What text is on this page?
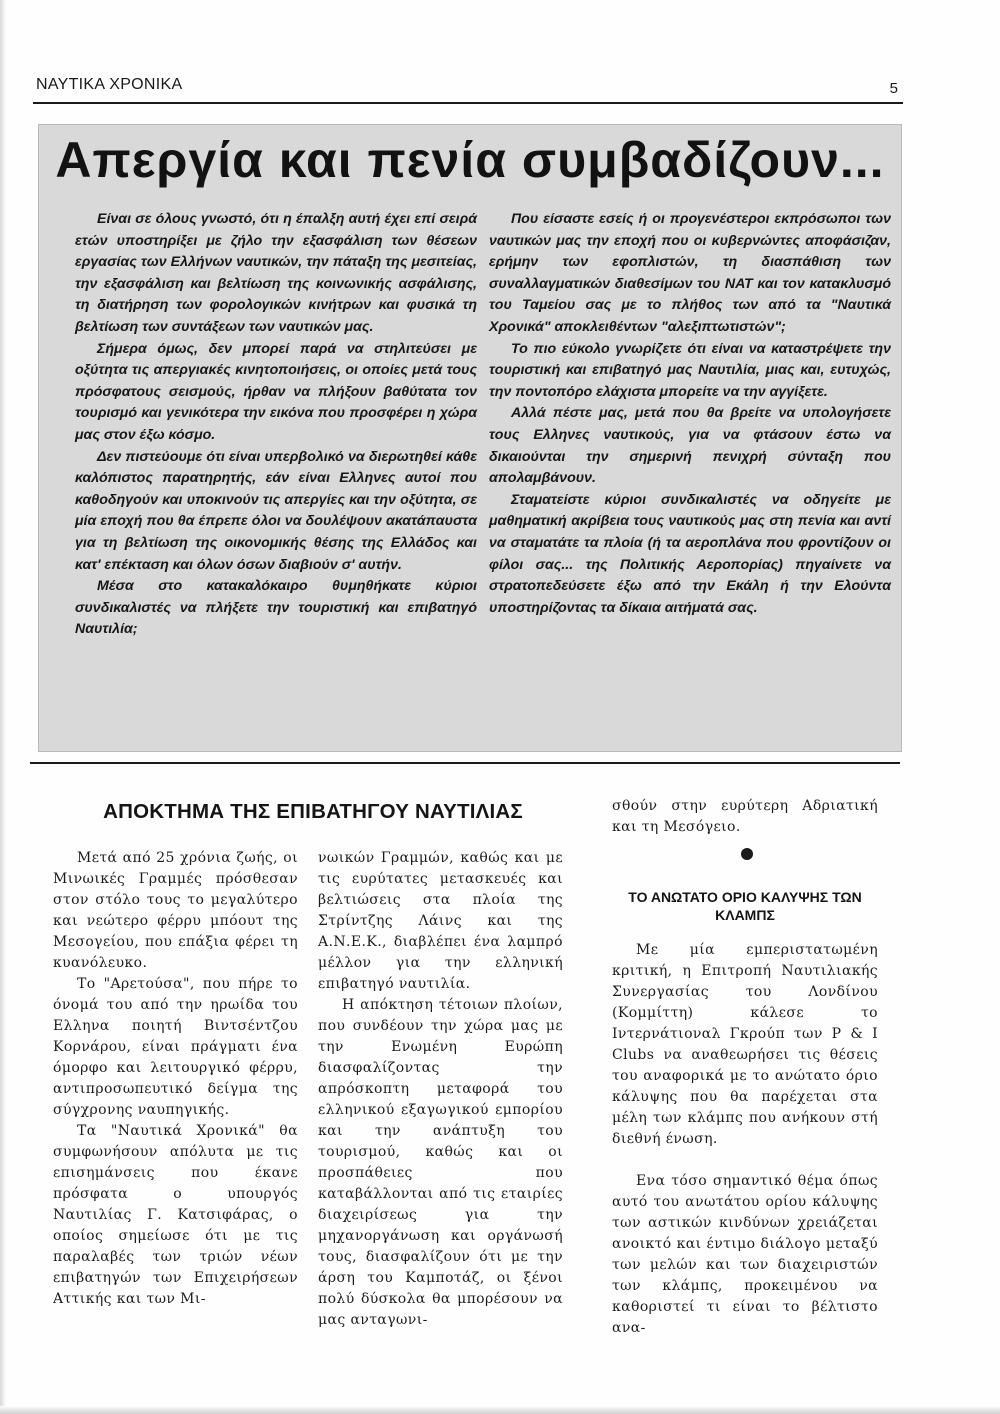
ΝΑΥΤΙΚΑ ΧΡΟΝΙΚΑ	5
Απεργία και πενία συμβαδίζουν...

Είναι σε όλους γνωστό, ότι η έπαλξη αυτή έχει επί σειρά ετών υποστηρίξει με ζήλο την εξασφάλιση των θέσεων εργασίας των Ελλήνων ναυτικών, την πάταξη της μεσιτείας, την εξασφάλιση και βελτίωση της κοινωνικής ασφάλισης, τη διατήρηση των φορολογικών κινήτρων και φυσικά τη βελτίωση των συντάξεων των ναυτικών μας.

Σήμερα όμως, δεν μπορεί παρά να στηλιτεύσει με οξύτητα τις απεργιακές κινητοποιήσεις, οι οποίες μετά τους πρόσφατους σεισμούς, ήρθαν να πλήξουν βαθύτατα τον τουρισμό και γενικότερα την εικόνα που προσφέρει η χώρα μας στον έξω κόσμο.

Δεν πιστεύουμε ότι είναι υπερβολικό να διερωτηθεί κάθε καλόπιστος παρατηρητής, εάν είναι Ελληνες αυτοί που καθοδηγούν και υποκινούν τις απεργίες και την οξύτητα, σε μία εποχή που θα έπρεπε όλοι να δουλέψουν ακατάπαυστα για τη βελτίωση της οικονομικής θέσης της Ελλάδος και κατ' επέκταση και όλων όσων διαβιούν σ' αυτήν.

Μέσα στο κατακαλόκαιρο θυμηθήκατε κύριοι συνδικαλιστές να πλήξετε την τουριστική και επιβατηγό Ναυτιλία;

Που είσαστε εσείς ή οι προγενέστεροι εκπρόσωποι των ναυτικών μας την εποχή που οι κυβερνώντες αποφάσιζαν, ερήμην των εφοπλιστών, τη διασπάθιση των συναλλαγματικών διαθεσίμων του ΝΑΤ και τον κατακλυσμό του Ταμείου σας με το πλήθος των από τα "Ναυτικά Χρονικά" αποκλειθέντων "αλεξιπτωτιστών";

Το πιο εύκολο γνωρίζετε ότι είναι να καταστρέψετε την τουριστική και επιβατηγό μας Ναυτιλία, μιας και, ευτυχώς, την ποντοπόρο ελάχιστα μπορείτε να την αγγίξετε.

Αλλά πέστε μας, μετά που θα βρείτε να υπολογήσετε τους Ελληνες ναυτικούς, για να φτάσουν έστω να δικαιούνται την σημερινή πενιχρή σύνταξη που απολαμβάνουν.

Σταματείστε κύριοι συνδικαλιστές να οδηγείτε με μαθηματική ακρίβεια τους ναυτικούς μας στη πενία και αντί να σταματάτε τα πλοία (ή τα αεροπλάνα που φροντίζουν οι φίλοι σας... της Πολιτικής Αεροπορίας) πηγαίνετε να στρατοπεδεύσετε έξω από την Εκάλη ή την Ελούντα υποστηρίζοντας τα δίκαια αιτήματά σας.

ΑΠΟΚΤΗΜΑ ΤΗΣ ΕΠΙΒΑΤΗΓΟΥ ΝΑΥΤΙΛΙΑΣ

Μετά από 25 χρόνια ζωής, οι Μινωικές Γραμμές πρόσθεσαν στον στόλο τους το μεγαλύτερο και νεώτερο φέρρυ μπόουτ της Μεσογείου, που επάξια φέρει τη κυανόλευκο.

Το "Αρετούσα", που πήρε το όνομά του από την ηρωίδα του Ελληνα ποιητή Βιντσέντζου Κορνάρου, είναι πράγματι ένα όμορφο και λειτουργικό φέρρυ, αντιπροσωπευτικό δείγμα της σύγχρονης ναυπηγικής.

Τα "Ναυτικά Χρονικά" θα συμφωνήσουν απόλυτα με τις επισημάνσεις που έκανε πρόσφατα ο υπουργός Ναυτιλίας Γ. Κατσιφάρας, ο οποίος σημείωσε ότι με τις παραλαβές των τριών νέων επιβατηγών των Επιχειρήσεων Αττικής και των Μι-

νωικών Γραμμών, καθώς και με τις ευρύτατες μετασκευές και βελτιώσεις στα πλοία της Στρίντζης Λάινς και της Α.Ν.Ε.Κ., διαβλέπει ένα λαμπρό μέλλον για την ελληνική επιβατηγό ναυτιλία.

Η απόκτηση τέτοιων πλοίων, που συνδέουν την χώρα μας με την Ενωμένη Ευρώπη διασφαλίζοντας την απρόσκοπτη μεταφορά του ελληνικού εξαγωγικού εμπορίου και την ανάπτυξη του τουρισμού, καθώς και οι προσπάθειες που καταβάλλονται από τις εταιρίες διαχειρίσεως για την μηχανοργάνωση και οργάνωσή τους, διασφαλίζουν ότι με την άρση του Καμποτάζ, οι ξένοι πολύ δύσκολα θα μπορέσουν να μας ανταγωνι-

σθούν στην ευρύτερη Αδριατική και τη Μεσόγειο.

ΤΟ ΑΝΩΤΑΤΟ ΟΡΙΟ ΚΑΛΥΨΗΣ ΤΩΝ ΚΛΑΜΠΣ

Με μία εμπεριστατωμένη κριτική, η Επιτροπή Ναυτιλιακής Συνεργασίας του Λονδίνου (Κομμίττη) κάλεσε το Ιντερνάτιοναλ Γκρούπ των P & I Clubs να αναθεωρήσει τις θέσεις του αναφορικά με το ανώτατο όριο κάλυψης που θα παρέχεται στα μέλη των κλάμπς που ανήκουν στή διεθνή ένωση.

Ενα τόσο σημαντικό θέμα όπως αυτό του ανωτάτου ορίου κάλυψης των αστικών κινδύνων χρειάζεται ανοικτό και έντιμο διάλογο μεταξύ των μελών και των διαχειριστών των κλάμπς, προκειμένου να καθοριστεί τι είναι το βέλτιστο ανα-
